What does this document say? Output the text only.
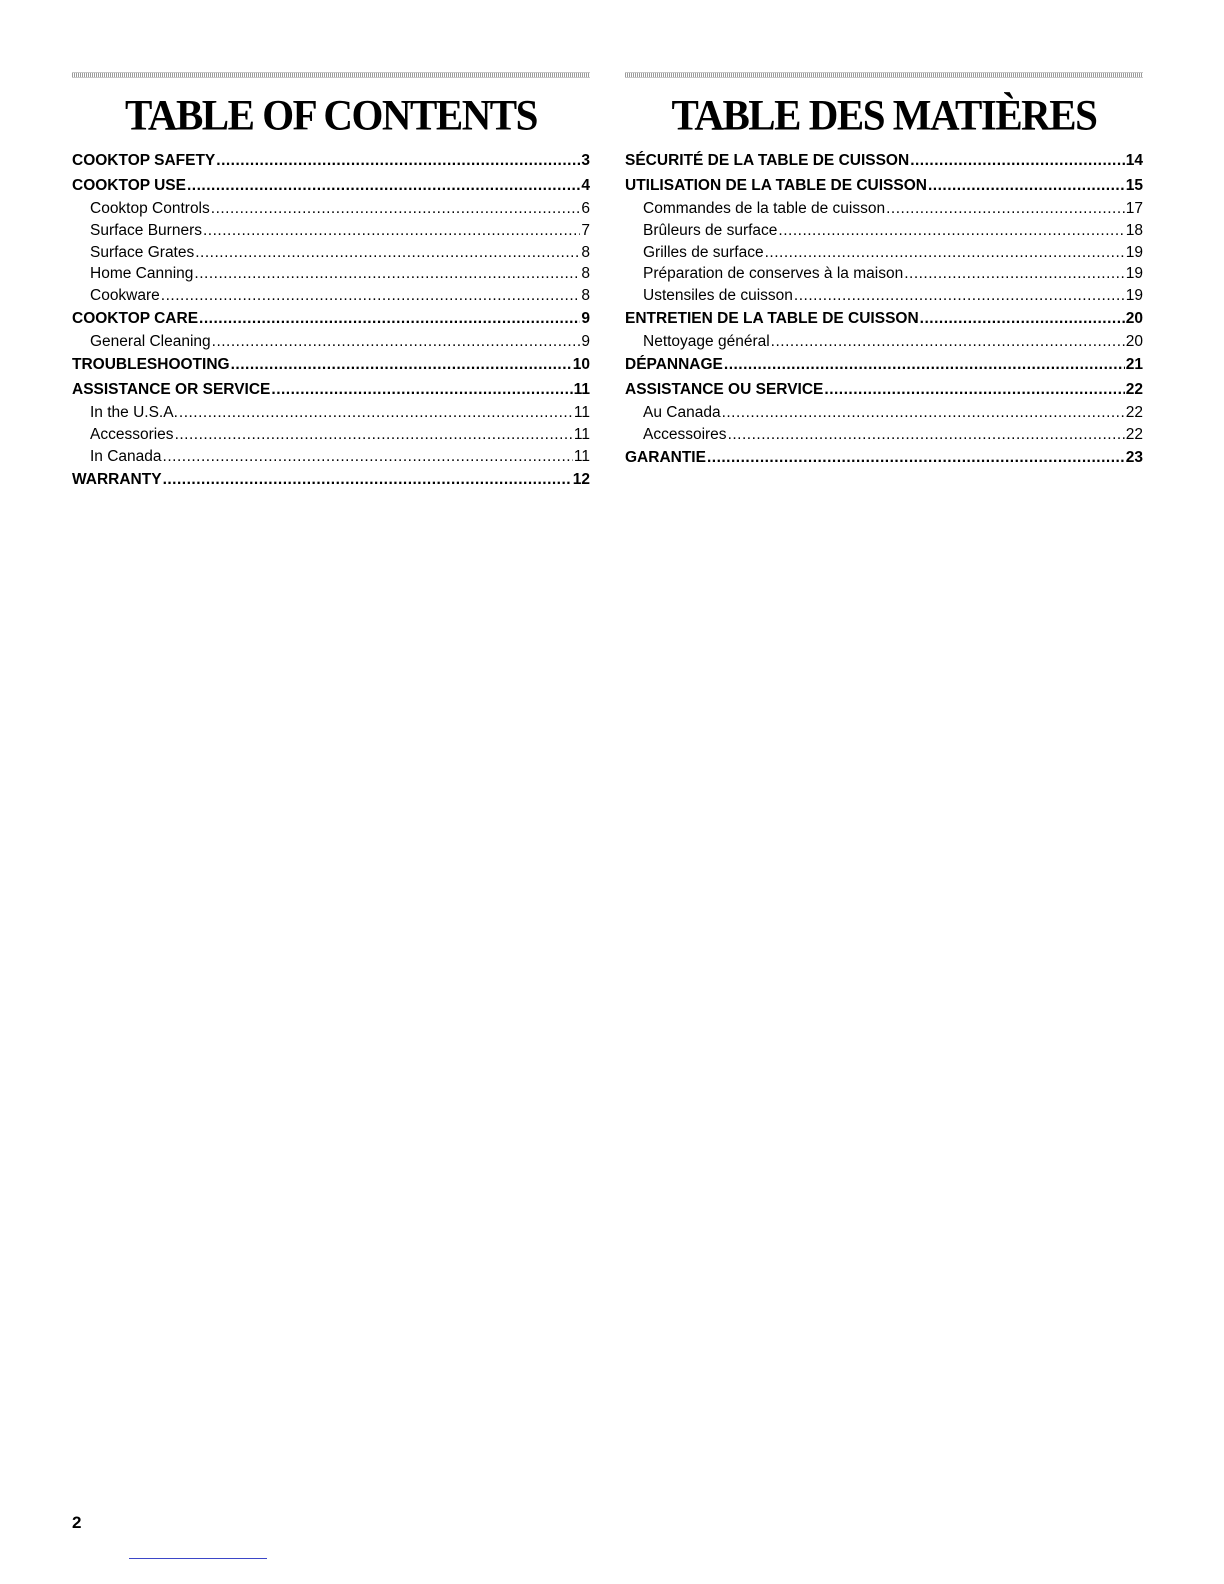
TABLE OF CONTENTS
COOKTOP SAFETY .....	3
COOKTOP USE .....	4
Cooktop Controls .....	6
Surface Burners .....	7
Surface Grates .....	8
Home Canning .....	8
Cookware .....	8
COOKTOP CARE .....	9
General Cleaning .....	9
TROUBLESHOOTING .....	10
ASSISTANCE OR SERVICE .....	11
In the U.S.A. .....	11
Accessories .....	11
In Canada .....	11
WARRANTY .....	12
TABLE DES MATIÈRES
SÉCURITÉ DE LA TABLE DE CUISSON .....	14
UTILISATION DE LA TABLE DE CUISSON .....	15
Commandes de la table de cuisson .....	17
Brûleurs de surface .....	18
Grilles de surface .....	19
Préparation de conserves à la maison .....	19
Ustensiles de cuisson .....	19
ENTRETIEN DE LA TABLE DE CUISSON .....	20
Nettoyage général .....	20
DÉPANNAGE .....	21
ASSISTANCE OU SERVICE .....	22
Au Canada .....	22
Accessoires .....	22
GARANTIE .....	23
2
